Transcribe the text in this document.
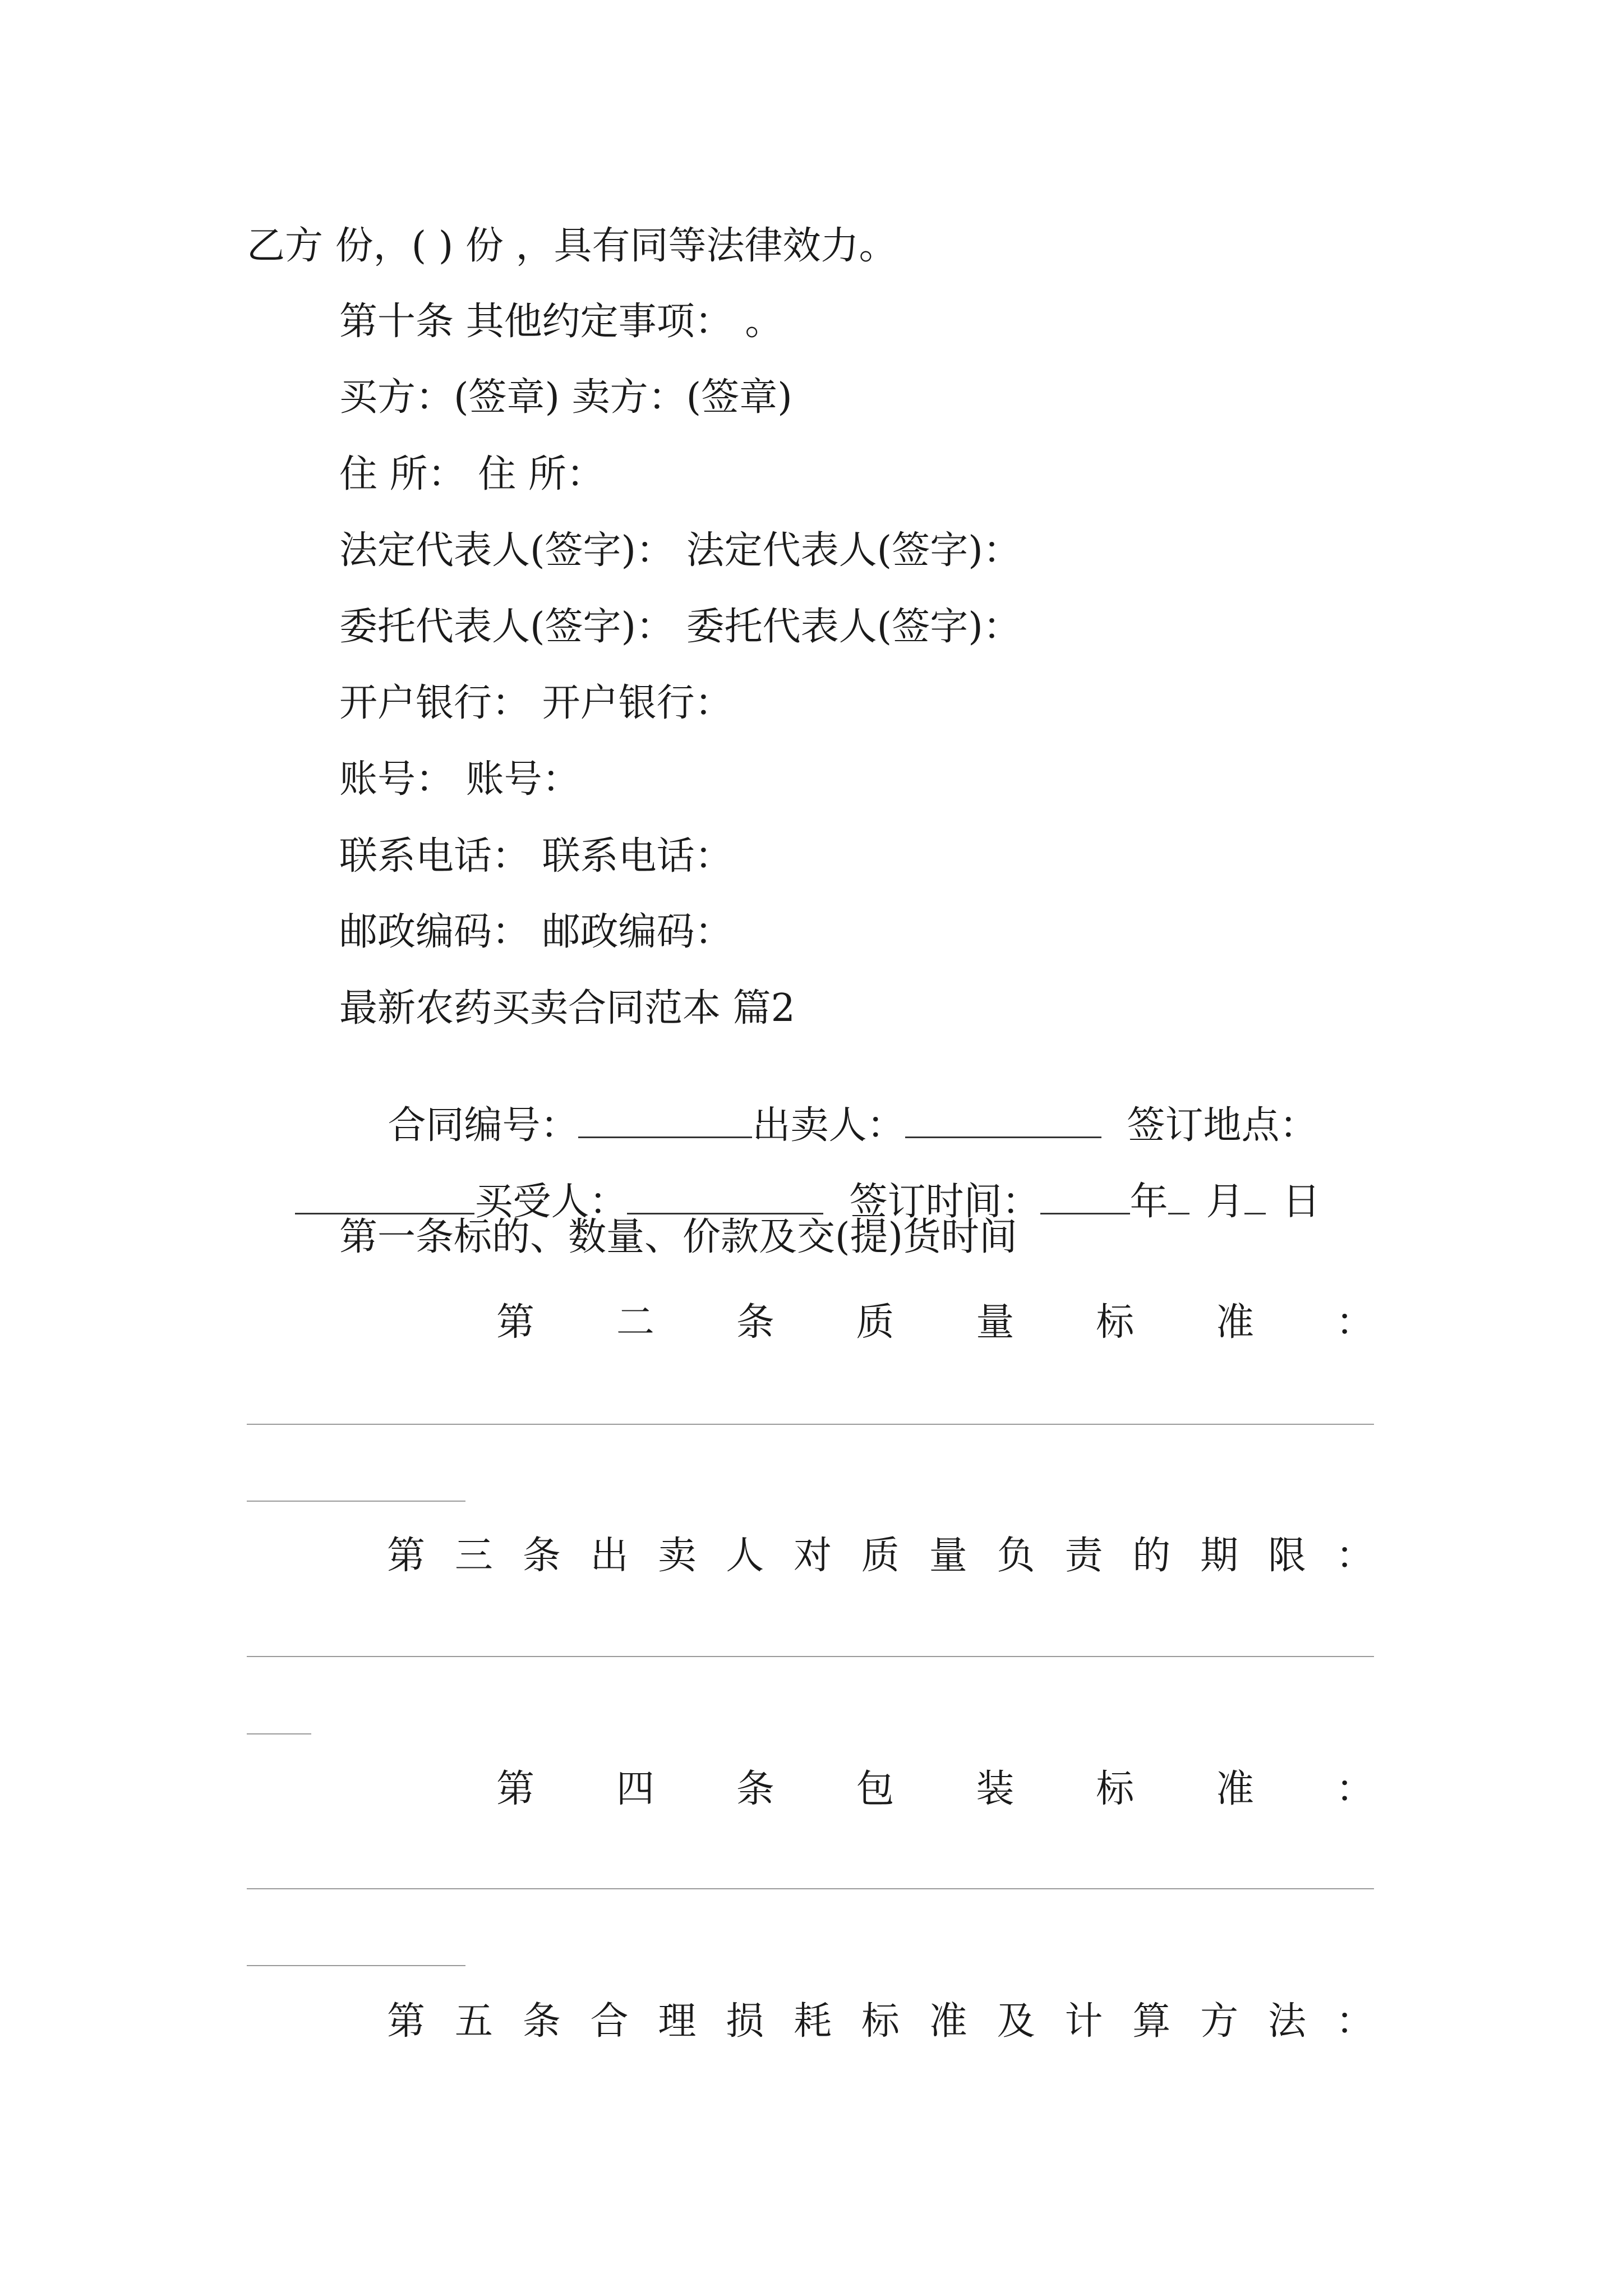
乙方 份，( ) 份 ，具有同等法律效力。
第十条 其他约定事项： 。
买方：(签章) 卖方：(签章)
住 所： 住 所：
法定代表人(签字)： 法定代表人(签字)：
委托代表人(签字)： 委托代表人(签字)：
开户银行： 开户银行：
账号： 账号：
联系电话： 联系电话：
邮政编码： 邮政编码：
最新农药买卖合同范本 篇2

合同编号：	出卖人：	签订地点：

买受人：	签订时间： 年 月 日

第一条标的、数量、价款及交(提)货时间
第 二 条 质 量 标 准 ：
第 三 条 出 卖 人 对 质 量 负 责 的 期 限 ：
第 四 条 包 装 标 准 ：
第 五 条 合 理 损 耗 标 准 及 计 算 方 法 ：
